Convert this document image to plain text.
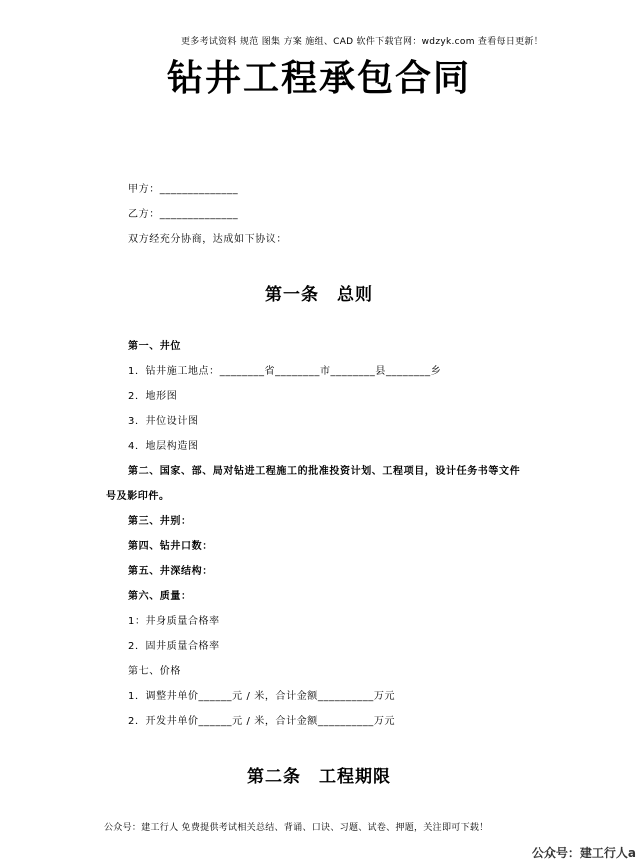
更多考试资料 规范 图集 方案 施组、CAD 软件下载官网：wdzyk.com 查看每日更新！
钻井工程承包合同
甲方：______________
乙方：______________
双方经充分协商，达成如下协议：
第一条　总则
第一、井位
1．钻井施工地点：________省________市________县________乡
2．地形图
3．井位设计图
4．地层构造图
第二、国家、部、局对钻进工程施工的批准投资计划、工程项目，设计任务书等文件
号及影印件。
第三、井别：
第四、钻井口数：
第五、井深结构：
第六、质量：
1：井身质量合格率
2．固井质量合格率
第七、价格
1．调整井单价______元 / 米，合计金额__________万元
2．开发井单价______元 / 米，合计金额__________万元
第二条　工程期限
公众号：建工行人 免费提供考试相关总结、背诵、口诀、习题、试卷、押题，关注即可下载！
公众号：建工行人a
